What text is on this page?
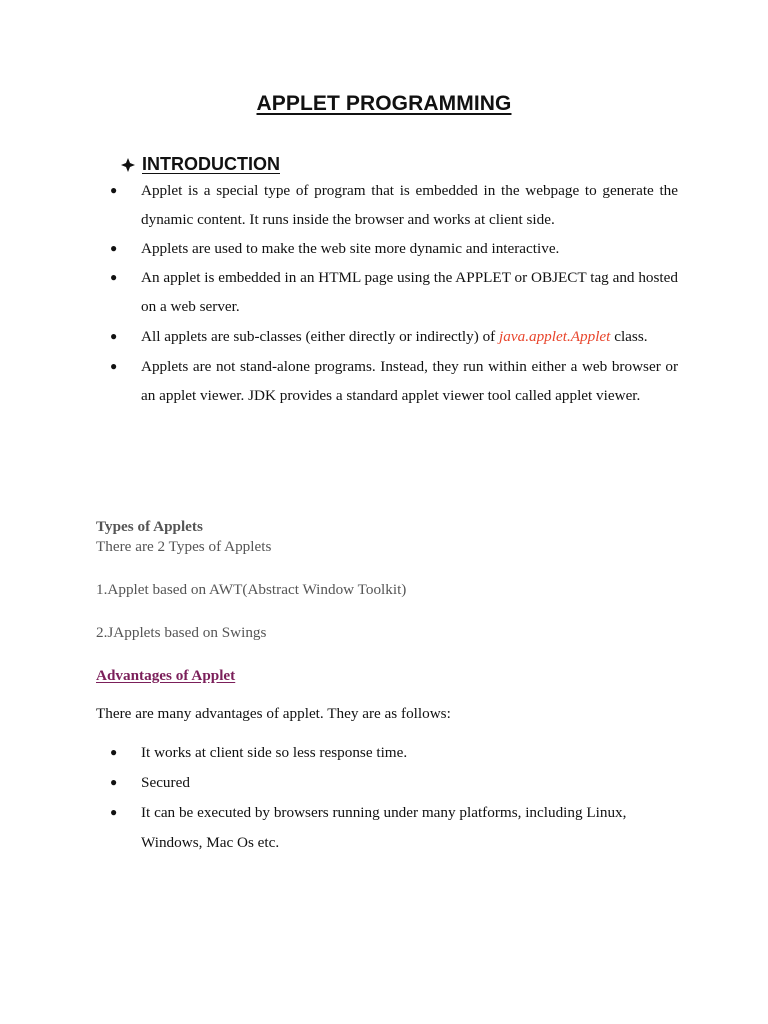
APPLET PROGRAMMING
INTRODUCTION
● Applet is a special type of program that is embedded in the webpage to generate the dynamic content. It runs inside the browser and works at client side.
● Applets are used to make the web site more dynamic and interactive.
● An applet is embedded in an HTML page using the APPLET or OBJECT tag and hosted on a web server.
● All applets are sub-classes (either directly or indirectly) of java.applet.Applet class.
● Applets are not stand-alone programs. Instead, they run within either a web browser or an applet viewer. JDK provides a standard applet viewer tool called applet viewer.
Types of Applets
There are 2 Types of Applets
1.Applet based on AWT(Abstract Window Toolkit)
2.JApplets based on Swings
Advantages of Applet
There are many advantages of applet. They are as follows:
● It works at client side so less response time.
● Secured
● It can be executed by browsers running under many platforms, including Linux, Windows, Mac Os etc.
